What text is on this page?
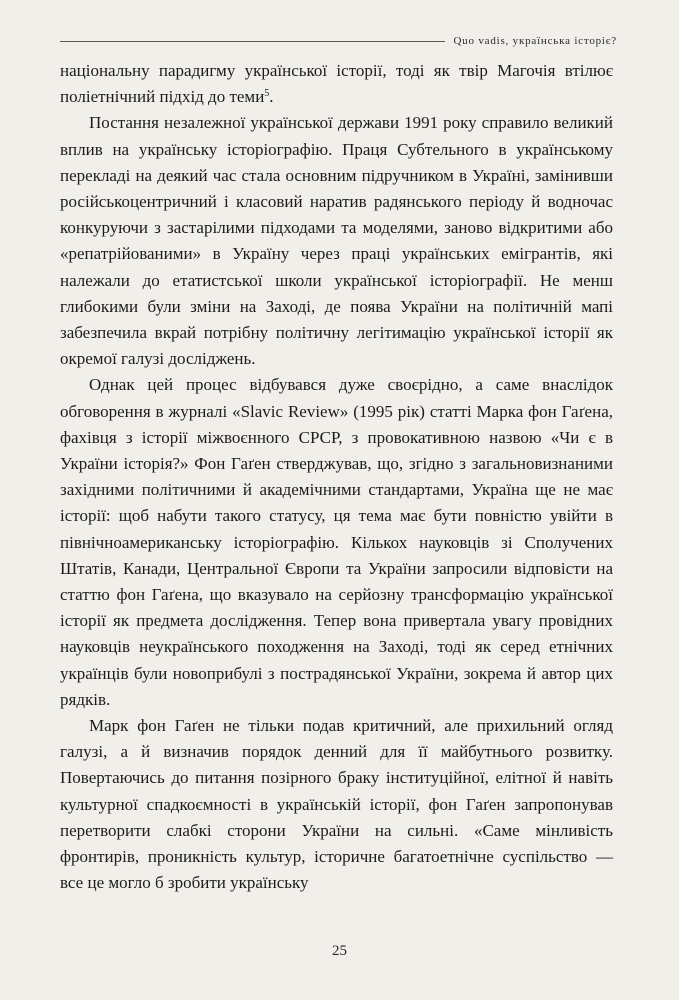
Quo vadis, українська історіє?

національну парадигму української історії, тоді як твір Магочія втілює поліетнічний підхід до теми$^5$.

Постання незалежної української держави 1991 року справило великий вплив на українську історіографію. Праця Субтельного в українському перекладі на деякий час стала основним підручником в Україні, замінивши російськоцентричний і класовий наратив радянського періоду й водночас конкуруючи з застарілими підходами та моделями, заново відкритими або «репатрійованими» в Україну через праці українських емігрантів, які належали до етатистської школи української історіографії. Не менш глибокими були зміни на Заході, де поява України на політичній мапі забезпечила вкрай потрібну політичну легітимацію української історії як окремої галузі досліджень.

Однак цей процес відбувався дуже своєрідно, а саме внаслідок обговорення в журналі «Slavic Review» (1995 рік) статті Марка фон Гаґена, фахівця з історії міжвоєнного СРСР, з провокативною назвою «Чи є в України історія?» Фон Гаґен стверджував, що, згідно з загальновизнаними західними політичними й академічними стандартами, Україна ще не має історії: щоб набути такого статусу, ця тема має бути повністю увійти в північноамериканську історіографію. Кількох науковців зі Сполучених Штатів, Канади, Центральної Європи та України запросили відповісти на статтю фон Гаґена, що вказувало на серйозну трансформацію української історії як предмета дослідження. Тепер вона привертала увагу провідних науковців неукраїнського походження на Заході, тоді як серед етнічних українців були новоприбулі з пострадянської України, зокрема й автор цих рядків.

Марк фон Гаґен не тільки подав критичний, але прихильний огляд галузі, а й визначив порядок денний для її майбутнього розвитку. Повертаючись до питання позірного браку інституційної, елітної й навіть культурної спадкоємності в українській історії, фон Гаґен запропонував перетворити слабкі сторони України на сильні. «Саме мінливість фронтирів, проникність культур, історичне багатоетнічне суспільство — все це могло б зробити українську

25
